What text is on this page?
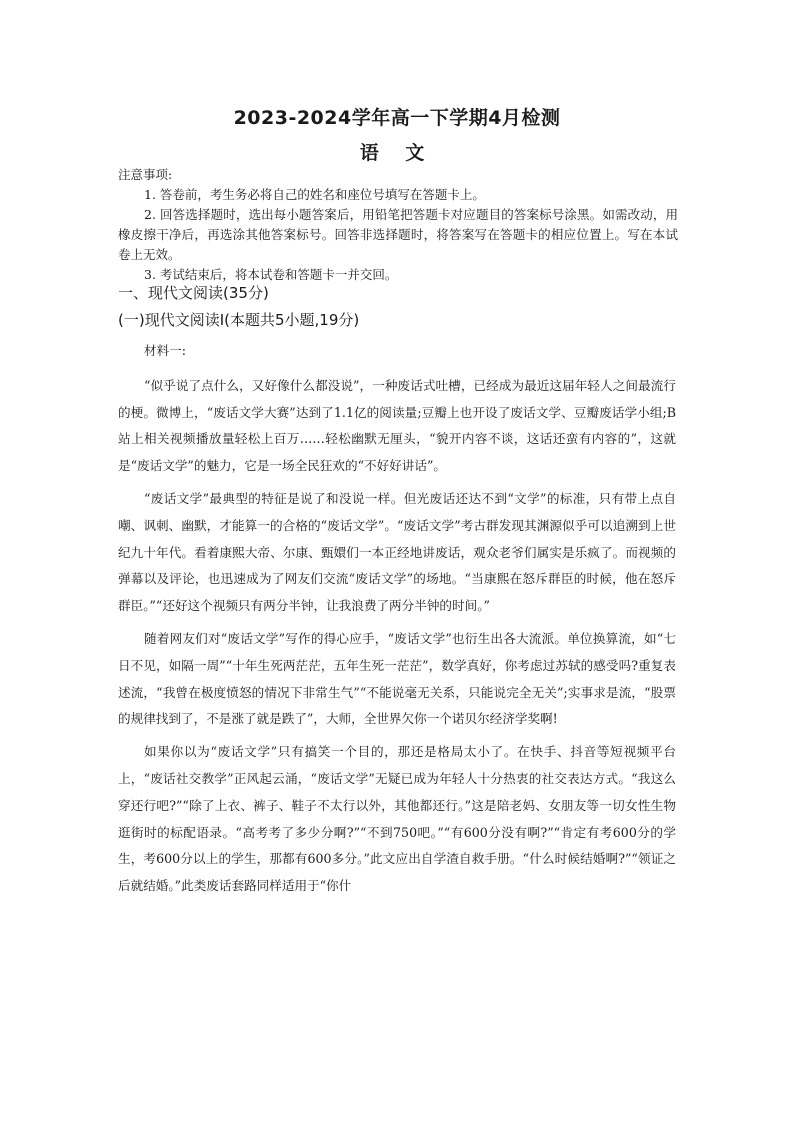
2023-2024学年高一下学期4月检测
语 文
注意事项:
1. 答卷前，考生务必将自己的姓名和座位号填写在答题卡上。
2. 回答选择题时，选出每小题答案后，用铅笔把答题卡对应题目的答案标号涂黑。如需改动，用橡皮擦干净后，再选涂其他答案标号。回答非选择题时，将答案写在答题卡的相应位置上。写在本试卷上无效。
3. 考试结束后，将本试卷和答题卡一并交回。
一、现代文阅读(35分)
(一)现代文阅读Ⅰ(本题共5小题,19分)

材料一:

“似乎说了点什么，又好像什么都没说”，一种废话式吐槽，已经成为最近这届年轻人之间最流行的梗。微博上，“废话文学大赛”达到了1.1亿的阅读量;豆瓣上也开设了废话文学、豆瓣废话学小组;B站上相关视频播放量轻松上百万……轻松幽默无厘头，“貌开内容不谈，这话还蛮有内容的”，这就是“废话文学”的魅力，它是一场全民狂欢的“不好好讲话”。

“废话文学”最典型的特征是说了和没说一样。但光废话还达不到“文学”的标准，只有带上点自嘲、讽刺、幽默，才能算一的合格的“废话文学”。“废话文学”考古群发现其渊源似乎可以追溯到上世纪九十年代。看着康熙大帝、尔康、甄嬛们一本正经地讲废话，观众老爷们属实是乐疯了。而视频的弹幕以及评论，也迅速成为了网友们交流“废话文学”的场地。“当康熙在怒斥群臣的时候，他在怒斥群臣。”“还好这个视频只有两分半钟，让我浪费了两分半钟的时间。”

随着网友们对“废话文学”写作的得心应手，“废话文学”也衍生出各大流派。单位换算流，如“七日不见，如隔一周”“十年生死两茫茫，五年生死一茫茫”，数学真好，你考虑过苏轼的感受吗?重复表述流，“我曾在极度愤怒的情况下非常生气”“不能说毫无关系，只能说完全无关”;实事求是流，“股票的规律找到了，不是涨了就是跌了”，大师，全世界欠你一个诺贝尔经济学奖啊!

如果你以为“废话文学”只有搞笑一个目的，那还是格局太小了。在快手、抖音等短视频平台上，“废话社交教学”正风起云涌，“废话文学”无疑已成为年轻人十分热衷的社交表达方式。“我这么穿还行吧?”“除了上衣、裤子、鞋子不太行以外，其他都还行。”这是陪老妈、女朋友等一切女性生物逛街时的标配语录。“高考考了多少分啊?”“不到750吧。”“有600分没有啊?”“肯定有考600分的学生，考600分以上的学生，那都有600多分。”此文应出自学渣自救手册。“什么时候结婚啊?”“领证之后就结婚。”此类废话套路同样适用于“你什
